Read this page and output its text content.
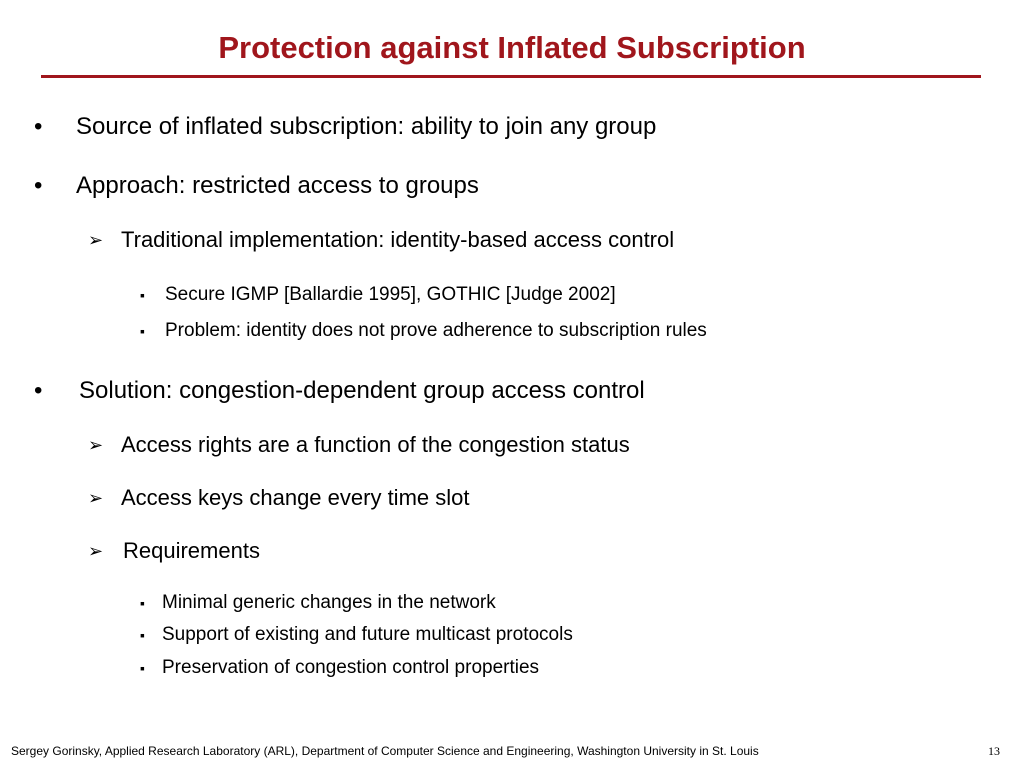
Protection against Inflated Subscription
• Source of inflated subscription: ability to join any group
• Approach: restricted access to groups
➢ Traditional implementation: identity-based access control
▪ Secure IGMP [Ballardie 1995], GOTHIC [Judge 2002]
▪ Problem: identity does not prove adherence to subscription rules
• Solution: congestion-dependent group access control
➢ Access rights are a function of the congestion status
➢ Access keys change every time slot
➢ Requirements
▪ Minimal generic changes in the network
▪ Support of existing and future multicast protocols
▪ Preservation of congestion control properties
Sergey Gorinsky, Applied Research Laboratory (ARL), Department of Computer Science and Engineering, Washington University in St. Louis	13
